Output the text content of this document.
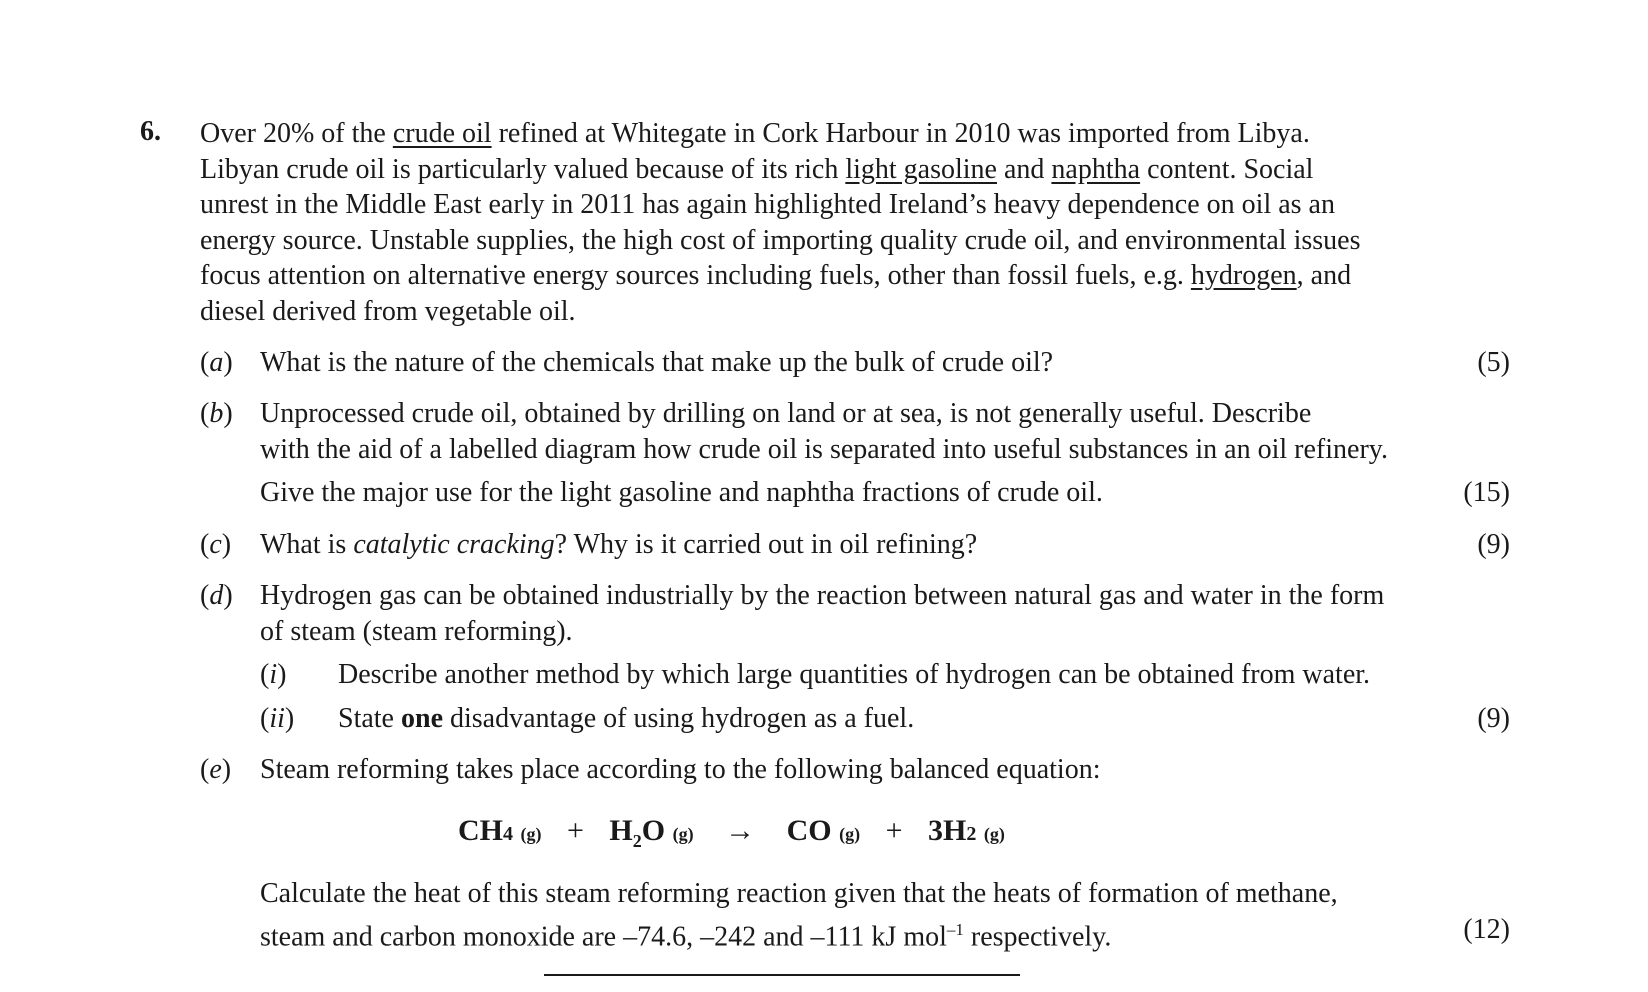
6. Over 20% of the crude oil refined at Whitegate in Cork Harbour in 2010 was imported from Libya.
Libyan crude oil is particularly valued because of its rich light gasoline and naphtha content. Social
unrest in the Middle East early in 2011 has again highlighted Ireland’s heavy dependence on oil as an
energy source. Unstable supplies, the high cost of importing quality crude oil, and environmental issues
focus attention on alternative energy sources including fuels, other than fossil fuels, e.g. hydrogen, and
diesel derived from vegetable oil.
(a) What is the nature of the chemicals that make up the bulk of crude oil?	(5)
(b) Unprocessed crude oil, obtained by drilling on land or at sea, is not generally useful. Describe
with the aid of a labelled diagram how crude oil is separated into useful substances in an oil refinery.
Give the major use for the light gasoline and naphtha fractions of crude oil.	(15)
(c) What is catalytic cracking? Why is it carried out in oil refining?	(9)
(d) Hydrogen gas can be obtained industrially by the reaction between natural gas and water in the form
of steam (steam reforming).
(i) Describe another method by which large quantities of hydrogen can be obtained from water.
(ii) State one disadvantage of using hydrogen as a fuel.	(9)
(e) Steam reforming takes place according to the following balanced equation:
CH4 $(g) + H_2O$ (g) → CO (g) + 3H2 (g)
Calculate the heat of this steam reforming reaction given that the heats of formation of methane,
steam and carbon monoxide are –74.6, –242 and –111 kJ mol$^{-1}$ respectively.	(12)
